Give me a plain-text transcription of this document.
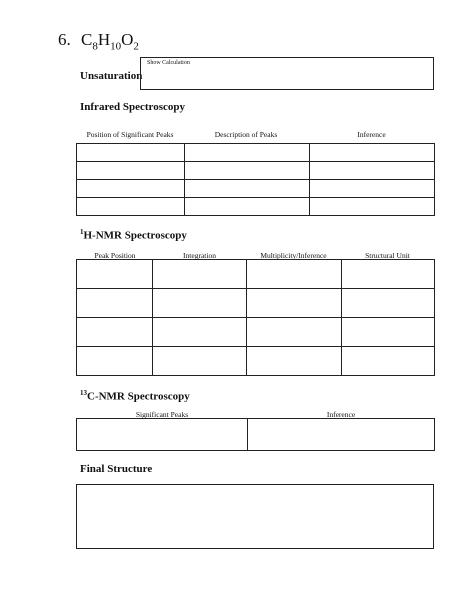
6. $C_8H_{10}O_2$
Unsaturation
Show Calculation
Infrared Spectroscopy
Position of Significant Peaks	Description of Peaks	Inference

$^1$H-NMR Spectroscopy
Peak Position	Integration	Multiplicity/Inference	Structural Unit

$^{13}$C-NMR Spectroscopy
Significant Peaks	Inference

Final Structure
